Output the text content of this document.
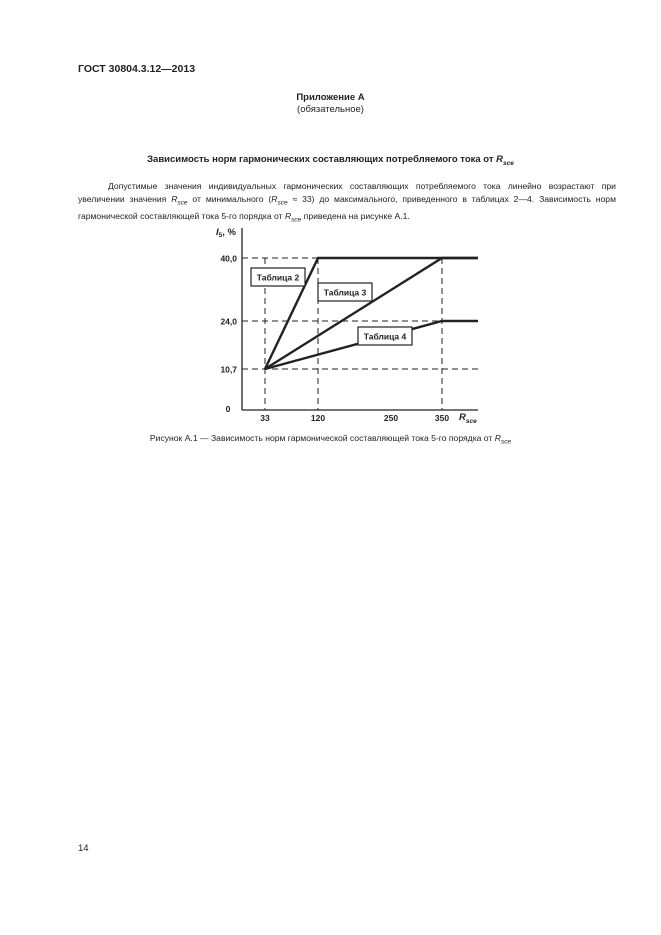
ГОСТ 30804.3.12—2013
Приложение А
(обязательное)
Зависимость норм гармонических составляющих потребляемого тока от $R_{sce}$
Допустимые значения индивидуальных гармонических составляющих потребляемого тока линейно возрастают при увеличении значения $R_{sce}$ от минимального $(R_{sce} \approx 33)$ до максимального, приведенного в таблицах 2—4. Зависимость норм гармонической составляющей тока 5-го порядка от $R_{sce}$ приведена на рисунке А.1.
Таблица 2
Таблица 3
Таблица 4
10,7
24,0
40,0
0
33	120	250	350
$I_5$, %
$R_{sce}$
Рисунок А.1 — Зависимость норм гармонической составляющей тока 5-го порядка от $R_{sce}$
14
